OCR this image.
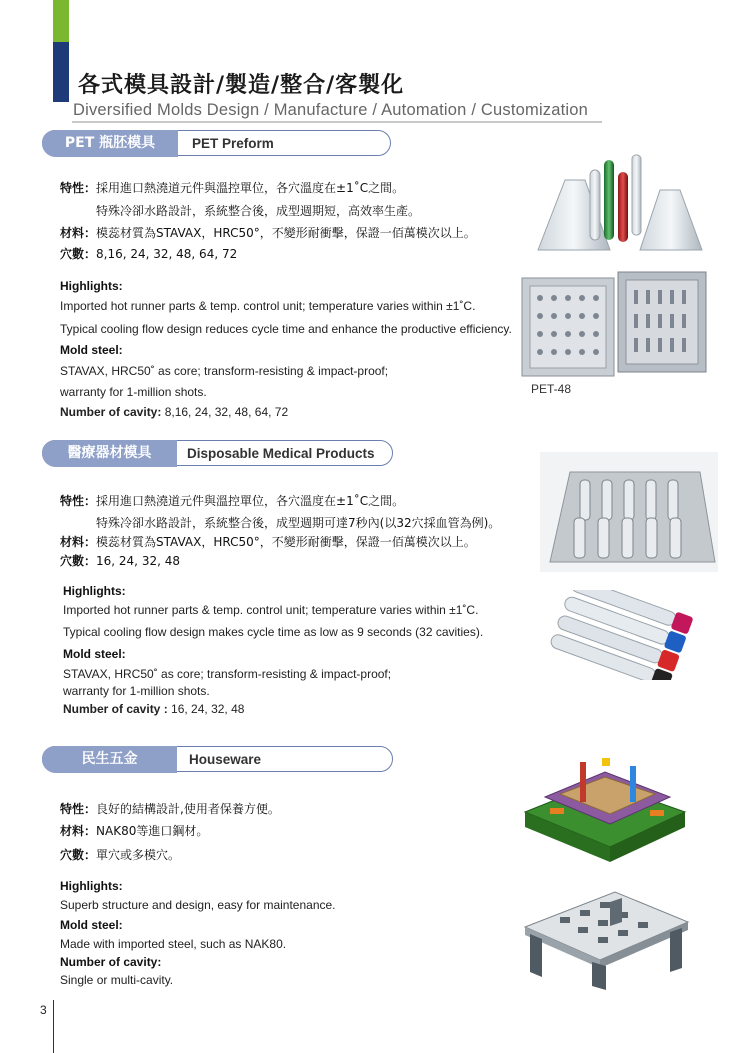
各式模具設計/製造/整合/客製化
Diversified Molds Design / Manufacture / Automation / Customization
PET 瓶胚模具	PET Preform
特性：採用進口熱澆道元件與溫控單位，各穴溫度在±1˚C之間。
特殊冷卻水路設計，系統整合後，成型週期短，高效率生產。
材料：模蕊材質為STAVAX，HRC50°，不變形耐衝擊，保證一佰萬模次以上。
穴數：8,16, 24, 32, 48, 64, 72
Highlights:
Imported hot runner parts & temp. control unit; temperature varies within ±1˚C.
Typical cooling flow design reduces cycle time and enhance the productive efficiency.
Mold steel:
STAVAX, HRC50˚ as core; transform-resisting & impact-proof;
warranty for 1-million shots.
Number of cavity: 8,16, 24, 32, 48, 64, 72
PET-48
醫療器材模具	Disposable Medical Products
特性：採用進口熱澆道元件與溫控單位，各穴溫度在±1˚C之間。
特殊冷卻水路設計，系統整合後，成型週期可達7秒內(以32穴採血管為例)。
材料：模蕊材質為STAVAX，HRC50°，不變形耐衝擊，保證一佰萬模次以上。
穴數：16, 24, 32, 48
Highlights:
Imported hot runner parts & temp. control unit; temperature varies within ±1˚C.
Typical cooling flow design makes cycle time as low as 9 seconds (32 cavities).
Mold steel:
STAVAX, HRC50˚ as core; transform-resisting & impact-proof;
warranty for 1-million shots.
Number of cavity : 16, 24, 32, 48
民生五金	Houseware
特性：良好的結構設計,使用者保養方便。
材料：NAK80等進口鋼材。
穴數：單穴或多模穴。
Highlights:
Superb structure and design, easy for maintenance.
Mold steel:
Made with imported steel, such as NAK80.
Number of cavity:
Single or multi-cavity.
3
